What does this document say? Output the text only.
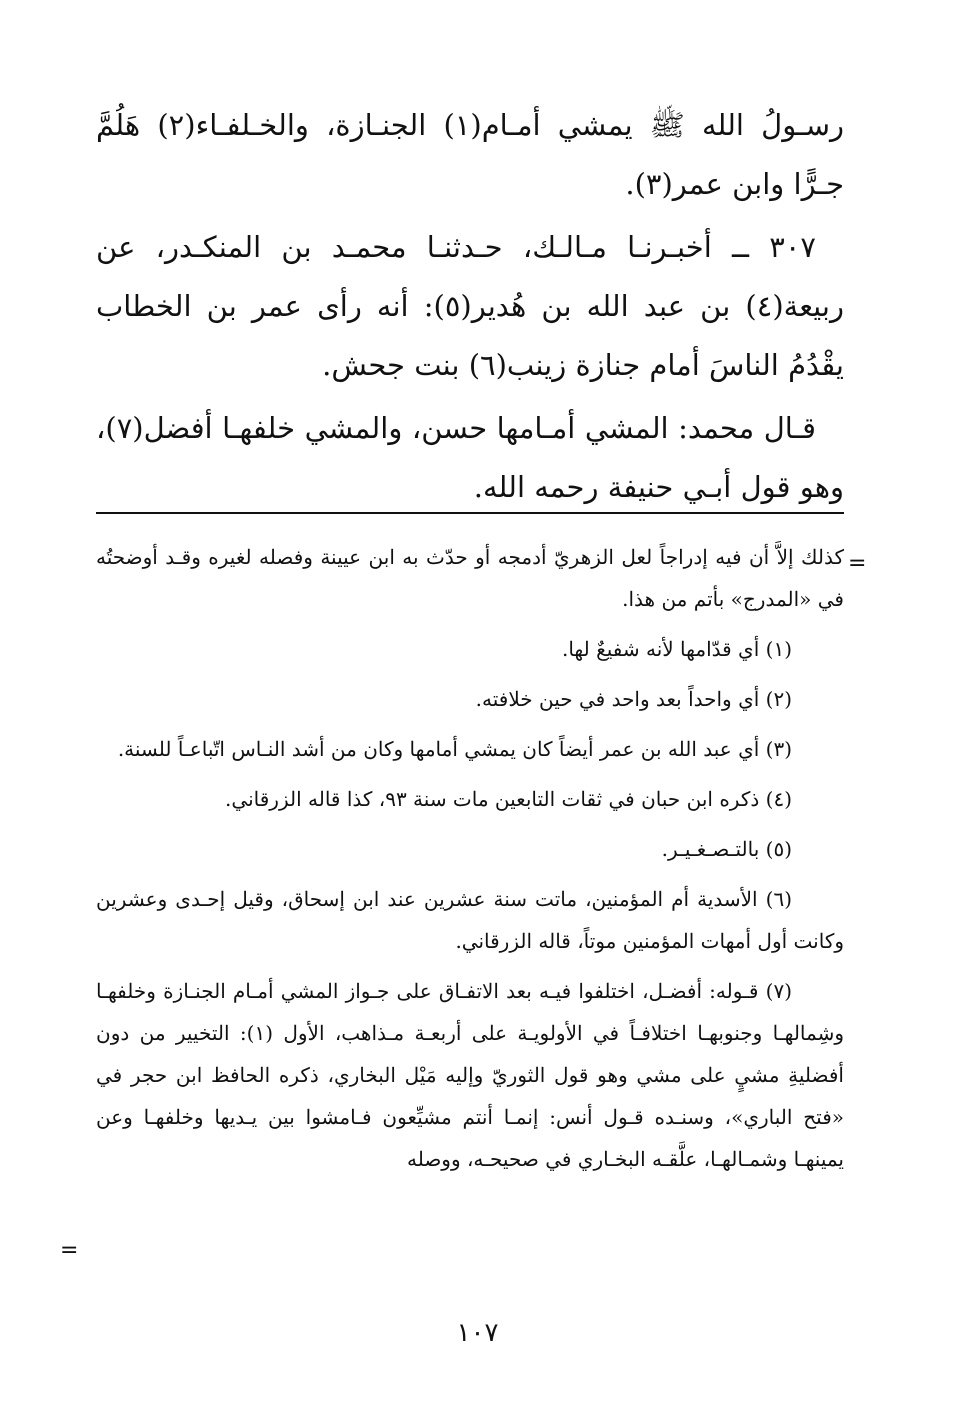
رسـولُ الله ﷺ يمشي أمـام(١) الجنـازة، والخـلفـاء(٢) هَلُمَّ جـرًّا وابن عمر(٣).

٣٠٧ ــ أخبـرنـا مـالـك، حـدثنـا محمـد بن المنكـدر، عن ربيعة(٤) بن عبد الله بن هُدير(٥): أنه رأى عمر بن الخطاب يقْدُمُ الناسَ أمام جنازة زينب(٦) بنت جحش.

قـال محمد: المشي أمـامها حسن، والمشي خلفهـا أفضل(٧)، وهو قول أبـي حنيفة رحمه الله.

=

كذلك إلاَّ أن فيه إدراجاً لعل الزهريّ أدمجه أو حدّث به ابن عيينة وفصله لغيره وقـد أوضحتُه في «المدرج» بأتم من هذا.

(١) أي قدّامها لأنه شفيعٌ لها.

(٢) أي واحداً بعد واحد في حين خلافته.

(٣) أي عبد الله بن عمر أيضاً كان يمشي أمامها وكان من أشد النـاس اتّباعـاً للسنة.

(٤) ذكره ابن حبان في ثقات التابعين مات سنة ٩٣، كذا قاله الزرقاني.

(٥) بالتـصـغـيـر.

(٦) الأسدية أم المؤمنين، ماتت سنة عشرين عند ابن إسحاق، وقيل إحـدى وعشرين وكانت أول أمهات المؤمنين موتاً، قاله الزرقاني.

(٧) قـوله: أفضـل، اختلفوا فيـه بعد الاتفـاق على جـواز المشي أمـام الجنـازة وخلفهـا وشِمالهـا وجنوبهـا اختلافـاً في الأولويـة على أربعـة مـذاهب، الأول (١): التخيير من دون أفضليةِ مشيٍ على مشي وهو قول الثوريّ وإليه مَيْل البخاري، ذكره الحافظ ابن حجر في «فتح الباري»، وسنـده قـول أنس: إنمـا أنتم مشيِّعون فـامشوا بين يـديها وخلفهـا وعن يمينهـا وشمـالهـا، علَّقـه البخـاري في صحيحـه، ووصله

=
١٠٧
